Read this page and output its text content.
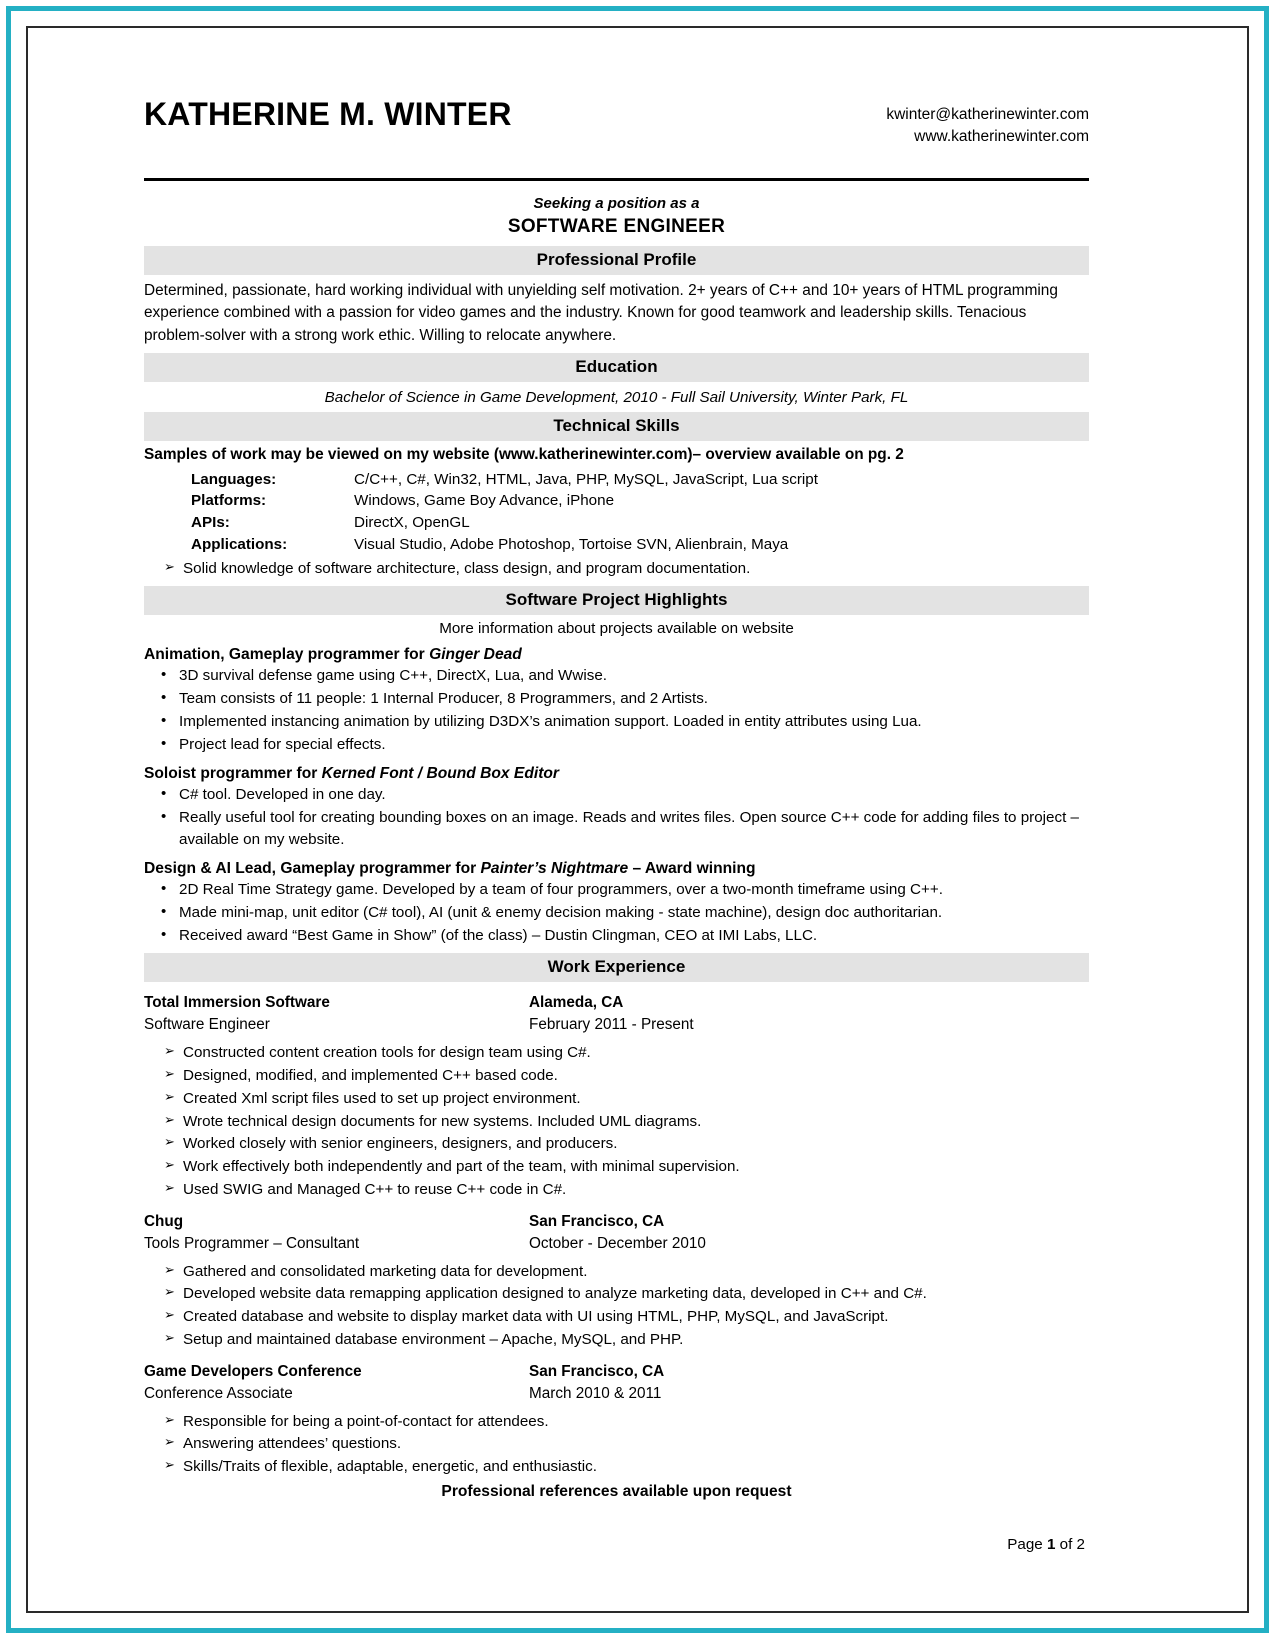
KATHERINE M. WINTER	kwinter@katherinewinter.com
www.katherinewinter.com
Seeking a position as a
SOFTWARE ENGINEER
Professional Profile
Determined, passionate, hard working individual with unyielding self motivation. 2+ years of C++ and 10+ years of HTML programming experience combined with a passion for video games and the industry. Known for good teamwork and leadership skills. Tenacious problem-solver with a strong work ethic. Willing to relocate anywhere.
Education
Bachelor of Science in Game Development, 2010 - Full Sail University, Winter Park, FL
Technical Skills
Samples of work may be viewed on my website (www.katherinewinter.com)– overview available on pg. 2
Languages:	C/C++, C#, Win32, HTML, Java, PHP, MySQL, JavaScript, Lua script
Platforms:	Windows, Game Boy Advance, iPhone
APIs:	DirectX, OpenGL
Applications:	Visual Studio, Adobe Photoshop, Tortoise SVN, Alienbrain, Maya
➢ Solid knowledge of software architecture, class design, and program documentation.
Software Project Highlights
More information about projects available on website
Animation, Gameplay programmer for Ginger Dead
• 3D survival defense game using C++, DirectX, Lua, and Wwise.
• Team consists of 11 people: 1 Internal Producer, 8 Programmers, and 2 Artists.
• Implemented instancing animation by utilizing D3DX’s animation support. Loaded in entity attributes using Lua.
• Project lead for special effects.
Soloist programmer for Kerned Font / Bound Box Editor
• C# tool. Developed in one day.
• Really useful tool for creating bounding boxes on an image. Reads and writes files. Open source C++ code for adding files to project – available on my website.
Design & AI Lead, Gameplay programmer for Painter’s Nightmare – Award winning
• 2D Real Time Strategy game. Developed by a team of four programmers, over a two-month timeframe using C++.
• Made mini-map, unit editor (C# tool), AI (unit & enemy decision making - state machine), design doc authoritarian.
• Received award “Best Game in Show” (of the class) – Dustin Clingman, CEO at IMI Labs, LLC.
Work Experience
Total Immersion Software	Alameda, CA
Software Engineer	February 2011 - Present
➢ Constructed content creation tools for design team using C#.
➢ Designed, modified, and implemented C++ based code.
➢ Created Xml script files used to set up project environment.
➢ Wrote technical design documents for new systems. Included UML diagrams.
➢ Worked closely with senior engineers, designers, and producers.
➢ Work effectively both independently and part of the team, with minimal supervision.
➢ Used SWIG and Managed C++ to reuse C++ code in C#.
Chug	San Francisco, CA
Tools Programmer – Consultant	October - December 2010
➢ Gathered and consolidated marketing data for development.
➢ Developed website data remapping application designed to analyze marketing data, developed in C++ and C#.
➢ Created database and website to display market data with UI using HTML, PHP, MySQL, and JavaScript.
➢ Setup and maintained database environment – Apache, MySQL, and PHP.
Game Developers Conference	San Francisco, CA
Conference Associate	March 2010 & 2011
➢ Responsible for being a point-of-contact for attendees.
➢ Answering attendees’ questions.
➢ Skills/Traits of flexible, adaptable, energetic, and enthusiastic.
Professional references available upon request
Page 1 of 2
